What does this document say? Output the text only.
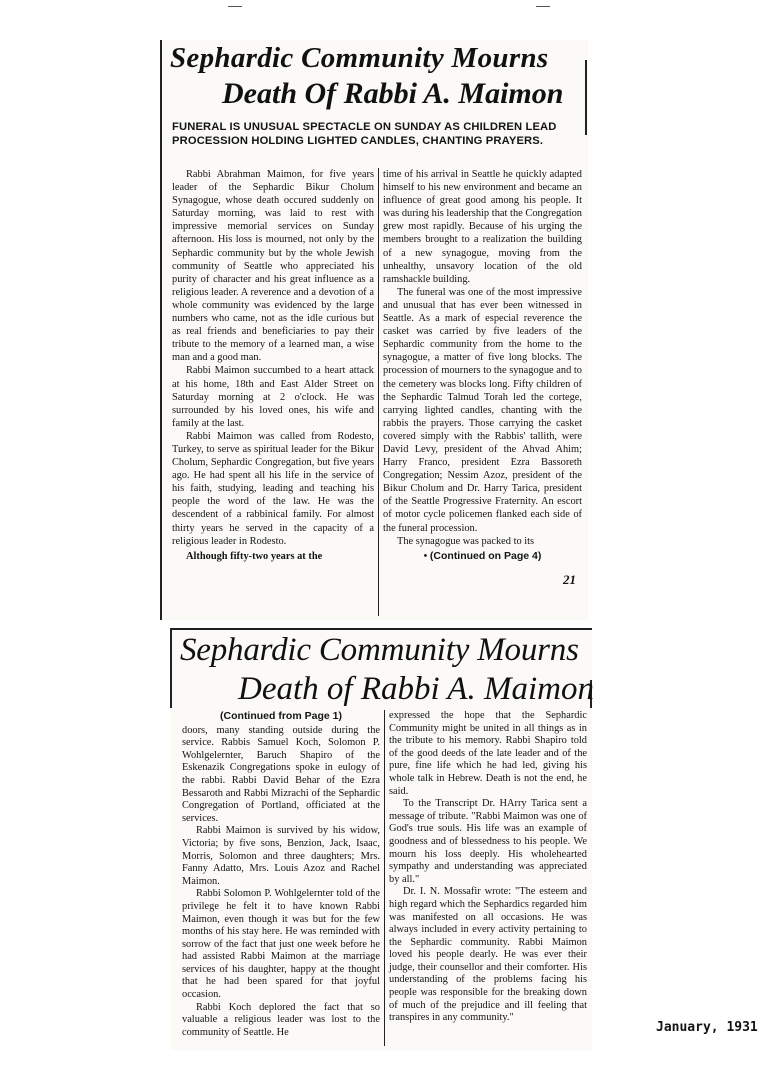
Sephardic Community Mourns
Death Of Rabbi A. Maimon
FUNERAL IS UNUSUAL SPECTACLE ON SUNDAY AS CHILDREN LEAD PROCESSION HOLDING LIGHTED CANDLES, CHANTING PRAYERS.

Rabbi Abrahman Maimon, for five years leader of the Sephardic Bikur Cholum Synagogue, whose death occured suddenly on Saturday morning, was laid to rest with impressive memorial services on Sunday afternoon. His loss is mourned, not only by the Sephardic community but by the whole Jewish community of Seattle who appreciated his purity of character and his great influence as a religious leader. A reverence and a devotion of a whole community was evidenced by the large numbers who came, not as the idle curious but as real friends and beneficiaries to pay their tribute to the memory of a learned man, a wise man and a good man.

Rabbi Maimon succumbed to a heart attack at his home, 18th and East Alder Street on Saturday morning at 2 o'clock. He was surrounded by his loved ones, his wife and family at the last.

Rabbi Maimon was called from Rodesto, Turkey, to serve as spiritual leader for the Bikur Cholum, Sephardic Congregation, but five years ago. He had spent all his life in the service of his faith, studying, leading and teaching his people the word of the law. He was the descendent of a rabbinical family. For almost thirty years he served in the capacity of a religious leader in Rodesto.

Although fifty-two years at the

time of his arrival in Seattle he quickly adapted himself to his new environment and became an influence of great good among his people. It was during his leadership that the Congregation grew most rapidly. Because of his urging the members brought to a realization the building of a new synagogue, moving from the unhealthy, unsavory location of the old ramshackle building.

The funeral was one of the most impressive and unusual that has ever been witnessed in Seattle. As a mark of especial reverence the casket was carried by five leaders of the Sephardic community from the home to the synagogue, a matter of five long blocks. The procession of mourners to the synagogue and to the cemetery was blocks long. Fifty children of the Sephardic Talmud Torah led the cortege, carrying lighted candles, chanting with the rabbis the prayers. Those carrying the casket covered simply with the Rabbis' tallith, were David Levy, president of the Ahvad Ahim; Harry Franco, president Ezra Bassoreth Congregation; Nessim Azoz, president of the Bikur Cholum and Dr. Harry Tarica, president of the Seattle Progressive Fraternity. An escort of motor cycle policemen flanked each side of the funeral procession.

The synagogue was packed to its

• (Continued on Page 4)
21
Sephardic Community Mourns
Death of Rabbi A. Maimon
(Continued from Page 1)

doors, many standing outside during the service. Rabbis Samuel Koch, Solomon P. Wohlgelernter, Baruch Shapiro of the Eskenazik Congregations spoke in eulogy of the rabbi. Rabbi David Behar of the Ezra Bessaroth and Rabbi Mizrachi of the Sephardic Congregation of Portland, officiated at the services.

Rabbi Maimon is survived by his widow, Victoria; by five sons, Benzion, Jack, Isaac, Morris, Solomon and three daughters; Mrs. Fanny Adatto, Mrs. Louis Azoz and Rachel Maimon.

Rabbi Solomon P. Wohlgelernter told of the privilege he felt it to have known Rabbi Maimon, even though it was but for the few months of his stay here. He was reminded with sorrow of the fact that just one week before he had assisted Rabbi Maimon at the marriage services of his daughter, happy at the thought that he had been spared for that joyful occasion.

Rabbi Koch deplored the fact that so valuable a religious leader was lost to the community of Seattle. He

expressed the hope that the Sephardic Community might be united in all things as in the tribute to his memory. Rabbi Shapiro told of the good deeds of the late leader and of the pure, fine life which he had led, giving his whole talk in Hebrew. Death is not the end, he said.

To the Transcript Dr. HArry Tarica sent a message of tribute. "Rabbi Maimon was one of God's true souls. His life was an example of goodness and of blessedness to his people. We mourn his loss deeply. His wholehearted sympathy and understanding was appreciated by all."

Dr. I. N. Mossafir wrote: "The esteem and high regard which the Sephardics regarded him was manifested on all occasions. He was always included in every activity pertaining to the Sephardic community. Rabbi Maimon loved his people dearly. He was ever their judge, their counsellor and their comforter. His understanding of the problems facing his people was responsible for the breaking down of much of the prejudice and ill feeling that transpires in any community."

January, 1931
